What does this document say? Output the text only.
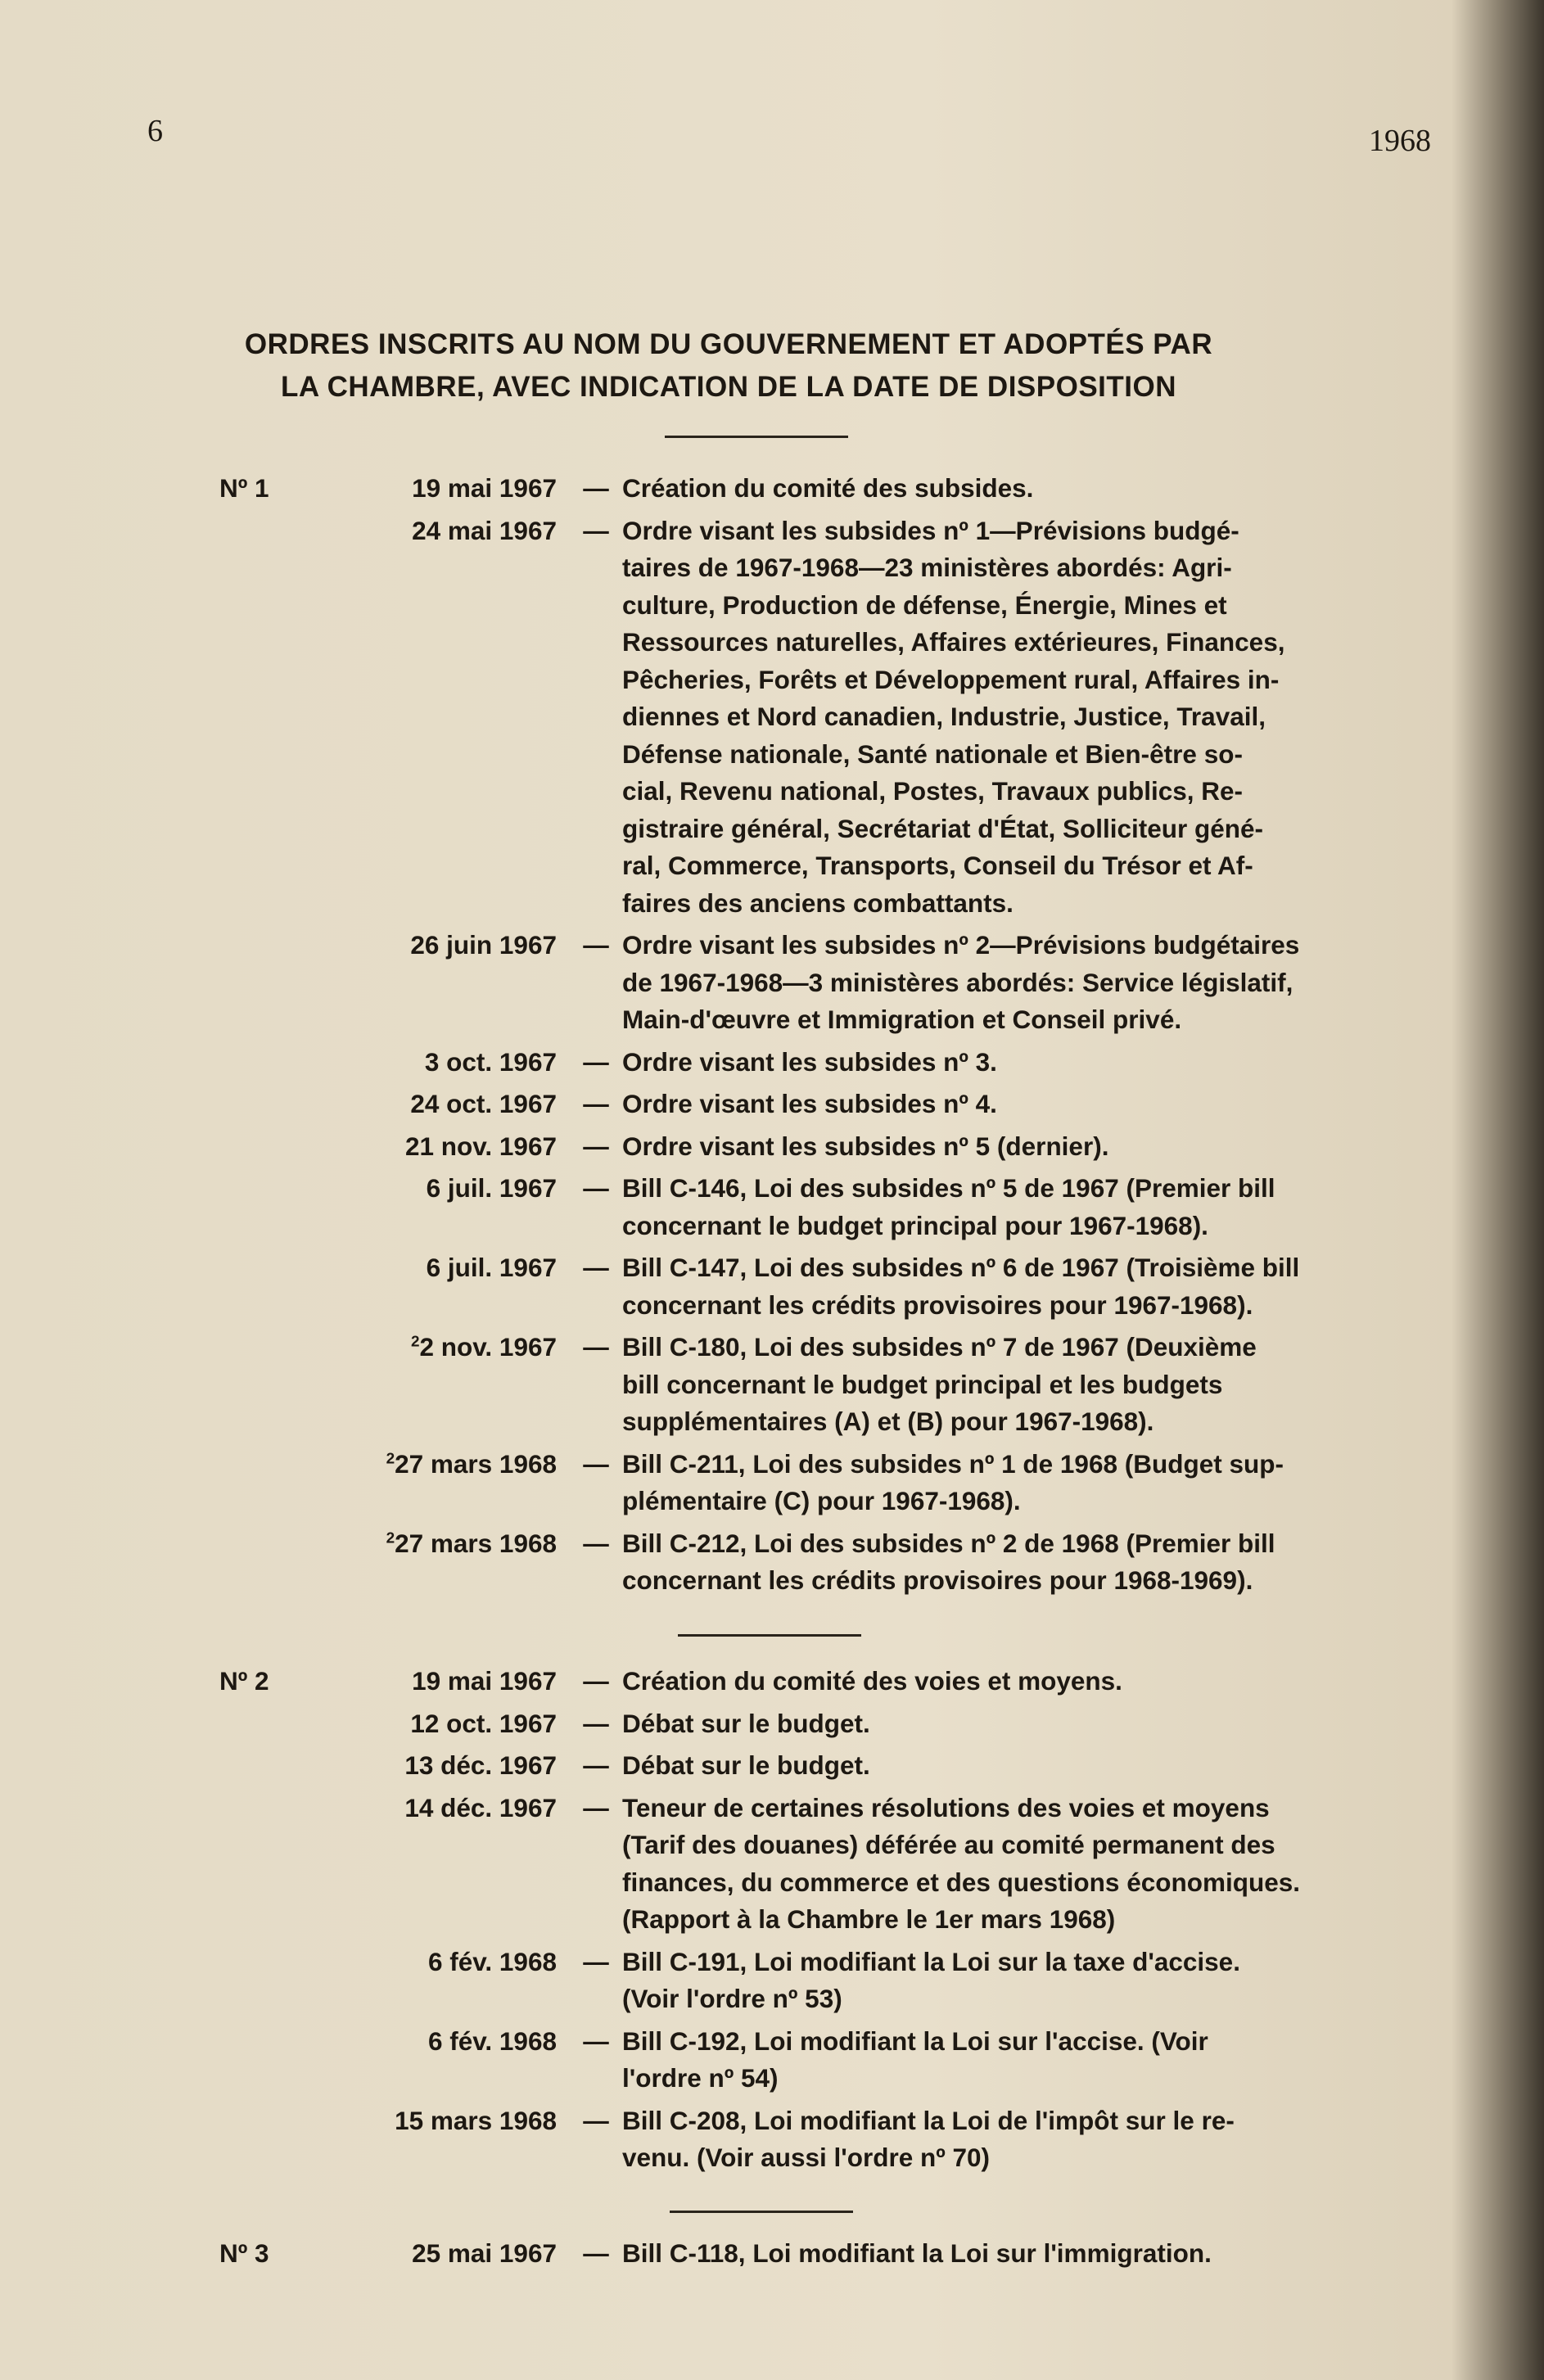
6	1968
ORDRES INSCRITS AU NOM DU GOUVERNEMENT ET ADOPTÉS PAR
LA CHAMBRE, AVEC INDICATION DE LA DATE DE DISPOSITION
Nº 1	19 mai 1967	— Création du comité des subsides.
24 mai 1967	— Ordre visant les subsides nº 1—Prévisions budgé-
taires de 1967-1968—23 ministères abordés: Agri-
culture, Production de défense, Énergie, Mines et
Ressources naturelles, Affaires extérieures, Finances,
Pêcheries, Forêts et Développement rural, Affaires in-
diennes et Nord canadien, Industrie, Justice, Travail,
Défense nationale, Santé nationale et Bien-être so-
cial, Revenu national, Postes, Travaux publics, Re-
gistraire général, Secrétariat d'État, Solliciteur géné-
ral, Commerce, Transports, Conseil du Trésor et Af-
faires des anciens combattants.
26 juin 1967	— Ordre visant les subsides nº 2—Prévisions budgétaires
de 1967-1968—3 ministères abordés: Service législatif,
Main-d'œuvre et Immigration et Conseil privé.
3 oct. 1967	— Ordre visant les subsides nº 3.
24 oct. 1967	— Ordre visant les subsides nº 4.
21 nov. 1967	— Ordre visant les subsides nº 5 (dernier).
6 juil. 1967	— Bill C-146, Loi des subsides nº 5 de 1967 (Premier bill
concernant le budget principal pour 1967-1968).
6 juil. 1967	— Bill C-147, Loi des subsides nº 6 de 1967 (Troisième bill
concernant les crédits provisoires pour 1967-1968).
$^2$2 nov. 1967	— Bill C-180, Loi des subsides nº 7 de 1967 (Deuxième
bill concernant le budget principal et les budgets
supplémentaires (A) et (B) pour 1967-1968).
$^2$27 mars 1968	— Bill C-211, Loi des subsides nº 1 de 1968 (Budget sup-
plémentaire (C) pour 1967-1968).
$^2$27 mars 1968	— Bill C-212, Loi des subsides nº 2 de 1968 (Premier bill
concernant les crédits provisoires pour 1968-1969).
Nº 2	19 mai 1967	— Création du comité des voies et moyens.
12 oct. 1967	— Débat sur le budget.
13 déc. 1967	— Débat sur le budget.
14 déc. 1967	— Teneur de certaines résolutions des voies et moyens
(Tarif des douanes) déférée au comité permanent des
finances, du commerce et des questions économiques.
(Rapport à la Chambre le 1er mars 1968)
6 fév. 1968	— Bill C-191, Loi modifiant la Loi sur la taxe d'accise.
(Voir l'ordre nº 53)
6 fév. 1968	— Bill C-192, Loi modifiant la Loi sur l'accise. (Voir
l'ordre nº 54)
15 mars 1968	— Bill C-208, Loi modifiant la Loi de l'impôt sur le re-
venu. (Voir aussi l'ordre nº 70)
Nº 3	25 mai 1967	— Bill C-118, Loi modifiant la Loi sur l'immigration.
